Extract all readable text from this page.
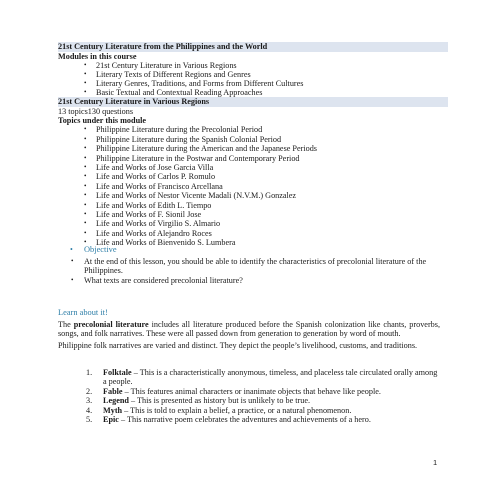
21st Century Literature from the Philippines and the World
Modules in this course
• 21st Century Literature in Various Regions
• Literary Texts of Different Regions and Genres
• Literary Genres, Traditions, and Forms from Different Cultures
• Basic Textual and Contextual Reading Approaches
21st Century Literature in Various Regions
13 topics130 questions
Topics under this module
• Philippine Literature during the Precolonial Period
• Philippine Literature during the Spanish Colonial Period
• Philippine Literature during the American and the Japanese Periods
• Philippine Literature in the Postwar and Contemporary Period
• Life and Works of Jose Garcia Villa
• Life and Works of Carlos P. Romulo
• Life and Works of Francisco Arcellana
• Life and Works of Nestor Vicente Madali (N.V.M.) Gonzalez
• Life and Works of Edith L. Tiempo
• Life and Works of F. Sionil Jose
• Life and Works of Virgilio S. Almario
• Life and Works of Alejandro Roces
• Life and Works of Bienvenido S. Lumbera
• Objective
• At the end of this lesson, you should be able to identify the characteristics of precolonial literature of the Philippines.
• What texts are considered precolonial literature?
Learn about it!
The precolonial literature includes all literature produced before the Spanish colonization like chants, proverbs, songs, and folk narratives. These were all passed down from generation to generation by word of mouth.
Philippine folk narratives are varied and distinct. They depict the people’s livelihood, customs, and traditions.
1. Folktale – This is a characteristically anonymous, timeless, and placeless tale circulated orally among a people.
2. Fable – This features animal characters or inanimate objects that behave like people.
3. Legend – This is presented as history but is unlikely to be true.
4. Myth – This is told to explain a belief, a practice, or a natural phenomenon.
5. Epic – This narrative poem celebrates the adventures and achievements of a hero.
1
